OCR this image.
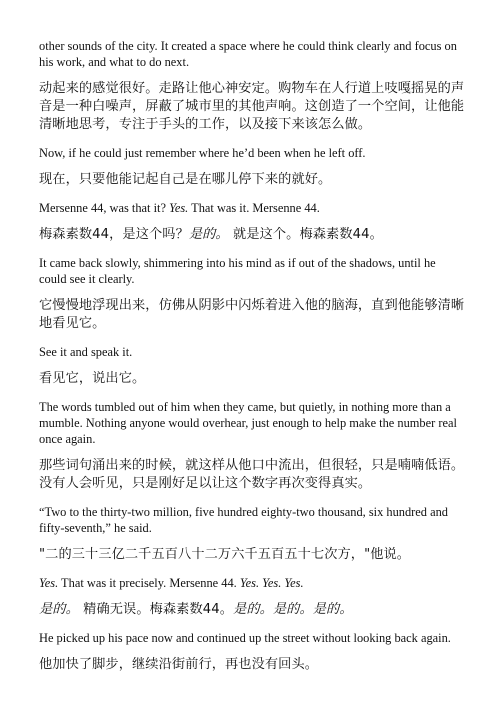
other sounds of the city. It created a space where he could think clearly and focus on his work, and what to do next.

动起来的感觉很好。走路让他心神安定。购物车在人行道上吱嘎摇晃的声音是一种白噪声，屏蔽了城市里的其他声响。这创造了一个空间，让他能清晰地思考，专注于手头的工作，以及接下来该怎么做。

Now, if he could just remember where he’d been when he left off.

现在，只要他能记起自己是在哪儿停下来的就好。

Mersenne 44, was that it? Yes. That was it. Mersenne 44.

梅森素数44，是这个吗？是的。 就是这个。梅森素数44。

It came back slowly, shimmering into his mind as if out of the shadows, until he could see it clearly.

它慢慢地浮现出来，仿佛从阴影中闪烁着进入他的脑海，直到他能够清晰地看见它。

See it and speak it.

看见它，说出它。

The words tumbled out of him when they came, but quietly, in nothing more than a mumble. Nothing anyone would overhear, just enough to help make the number real once again.

那些词句涌出来的时候，就这样从他口中流出，但很轻，只是喃喃低语。没有人会听见，只是刚好足以让这个数字再次变得真实。

“Two to the thirty-two million, five hundred eighty-two thousand, six hundred and fifty-seventh,” he said.

"二的三十三亿二千五百八十二万六千五百五十七次方，"他说。

Yes. That was it precisely. Mersenne 44. Yes. Yes. Yes.

是的。 精确无误。梅森素数44。是的。是的。是的。

He picked up his pace now and continued up the street without looking back again.

他加快了脚步，继续沿街前行，再也没有回头。
